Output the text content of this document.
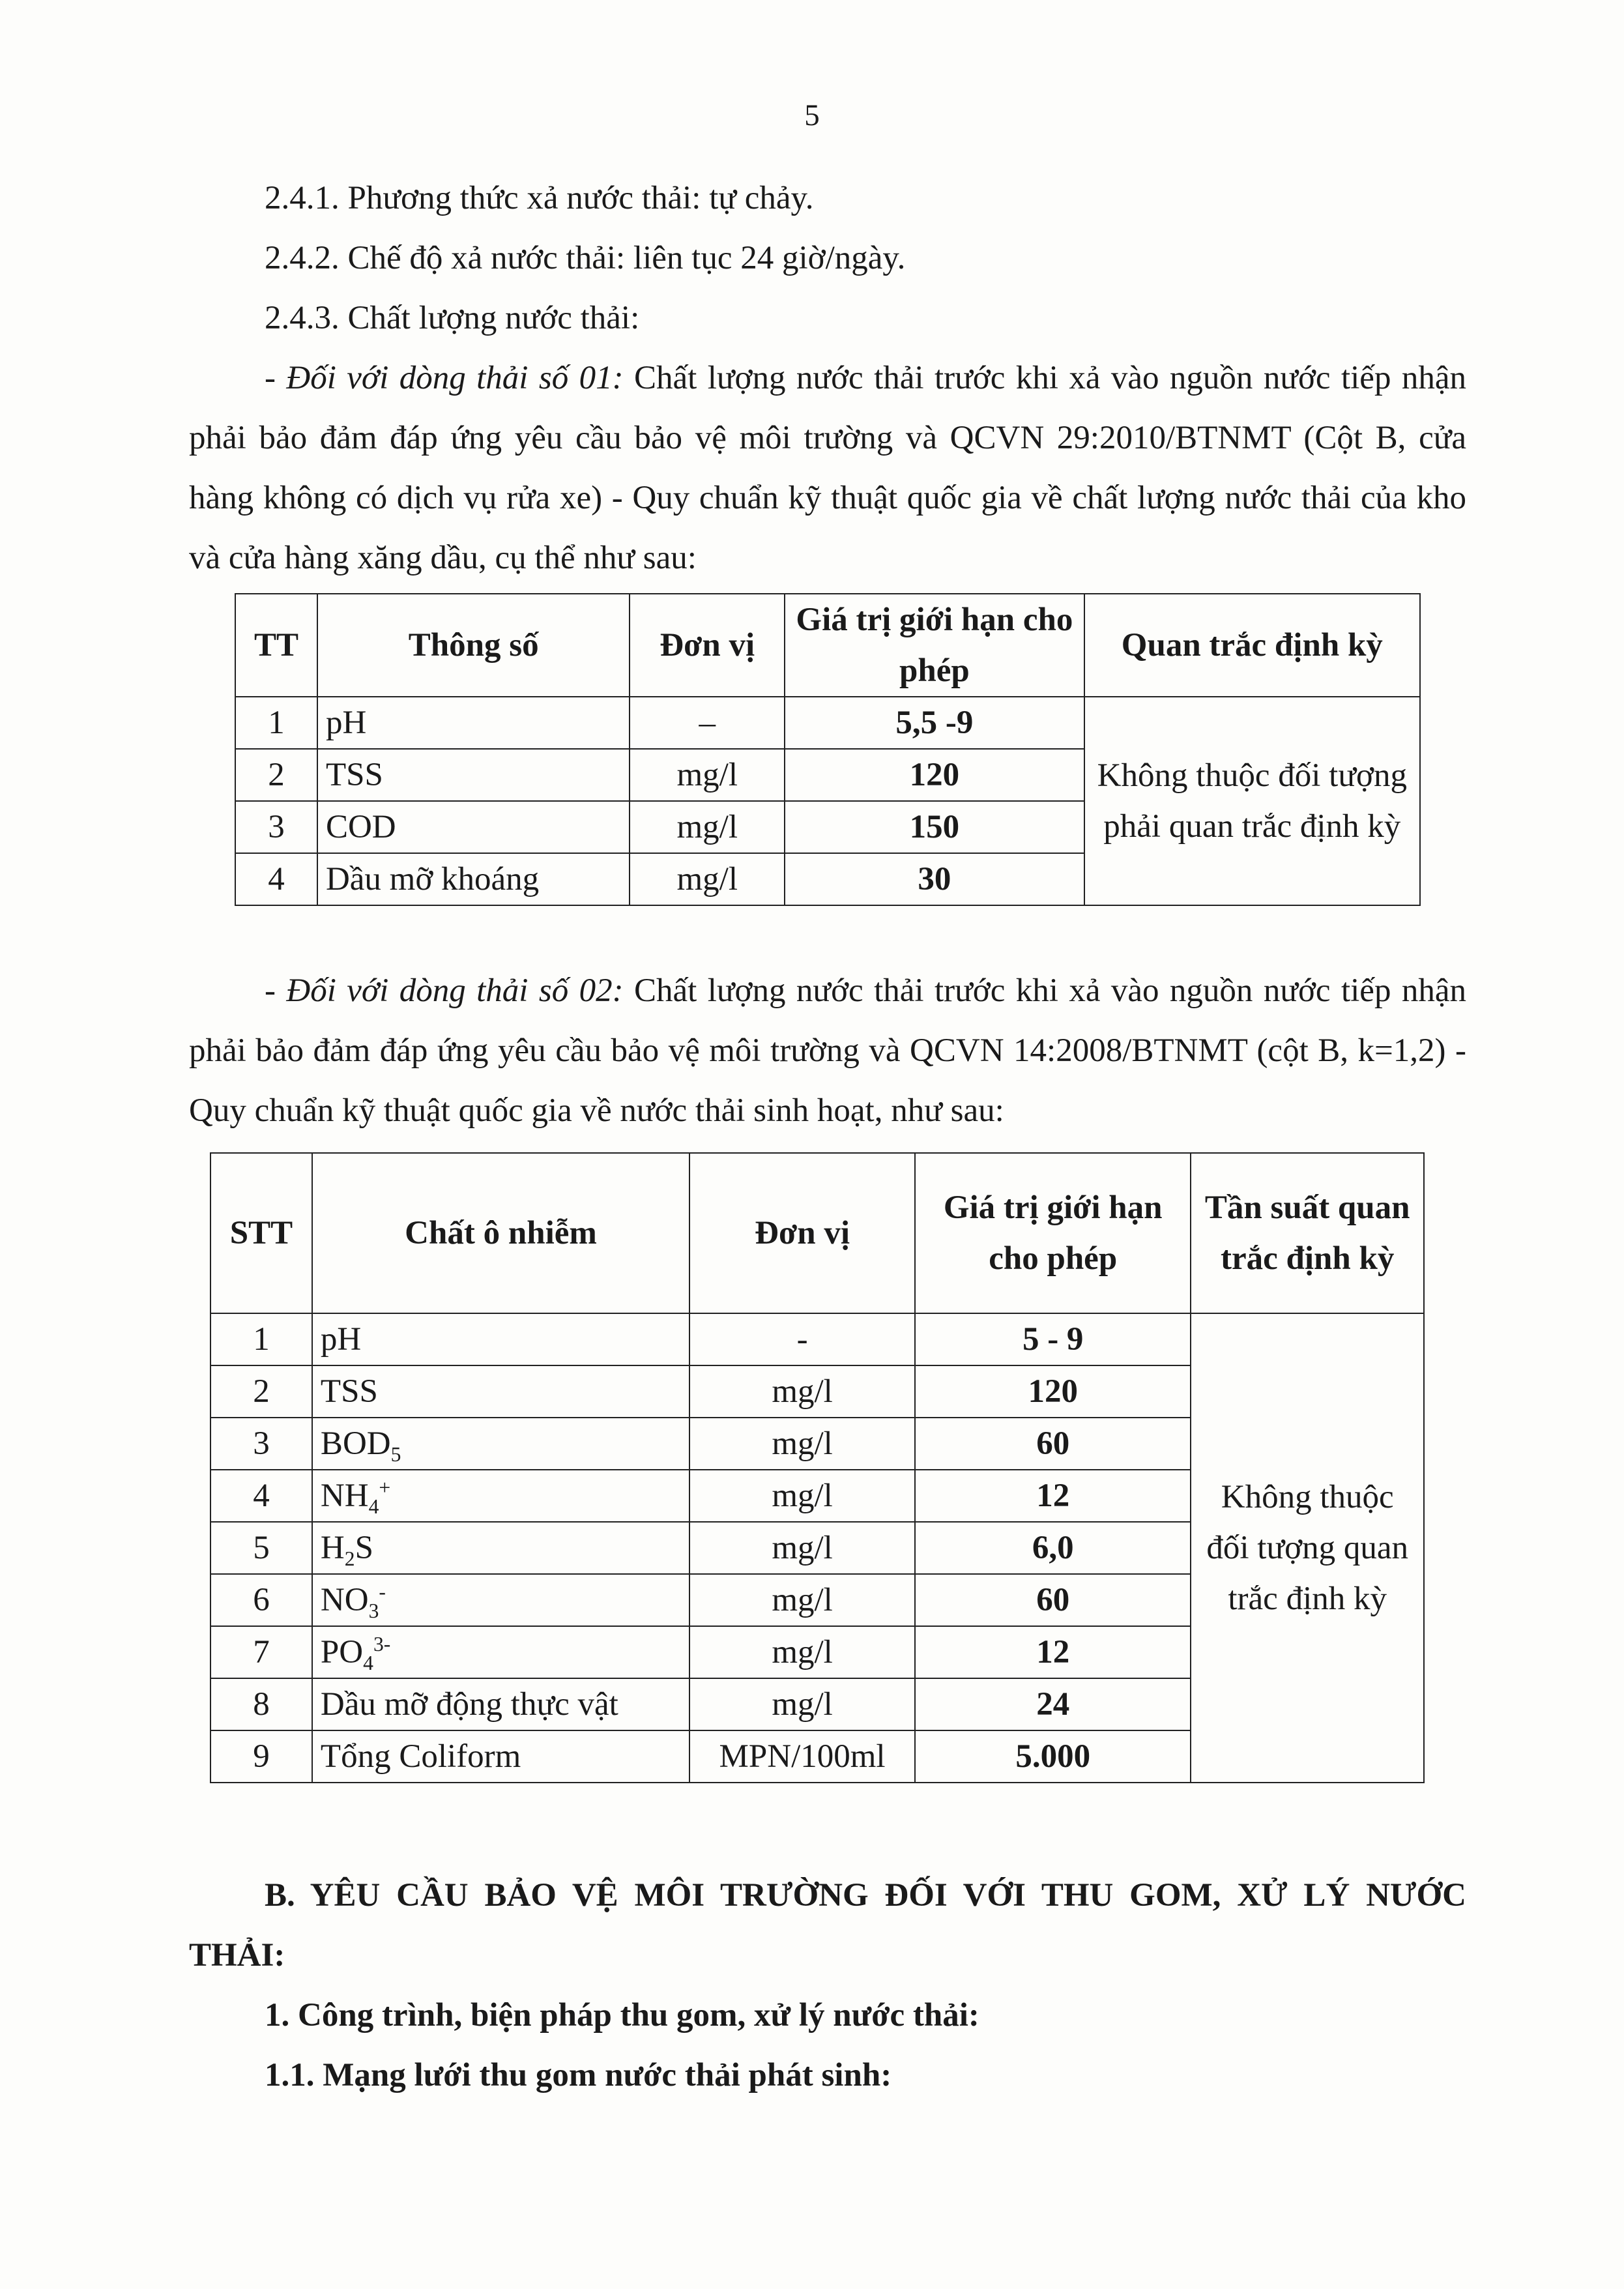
5

2.4.1. Phương thức xả nước thải: tự chảy.

2.4.2. Chế độ xả nước thải: liên tục 24 giờ/ngày.

2.4.3. Chất lượng nước thải:

- Đối với dòng thải số 01: Chất lượng nước thải trước khi xả vào nguồn nước tiếp nhận phải bảo đảm đáp ứng yêu cầu bảo vệ môi trường và QCVN 29:2010/BTNMT (Cột B, cửa hàng không có dịch vụ rửa xe) - Quy chuẩn kỹ thuật quốc gia về chất lượng nước thải của kho và cửa hàng xăng dầu, cụ thể như sau:

TT	Thông số	Đơn vị	Giá trị giới hạn cho phép	Quan trắc định kỳ
1	pH	–	5,5 -9	Không thuộc đối tượng phải quan trắc định kỳ
2	TSS	mg/l	120	
3	COD	mg/l	150	
4	Dầu mỡ khoáng	mg/l	30	

- Đối với dòng thải số 02: Chất lượng nước thải trước khi xả vào nguồn nước tiếp nhận phải bảo đảm đáp ứng yêu cầu bảo vệ môi trường và QCVN 14:2008/BTNMT (cột B, k=1,2) - Quy chuẩn kỹ thuật quốc gia về nước thải sinh hoạt, như sau:

STT	Chất ô nhiễm	Đơn vị	Giá trị giới hạn cho phép	Tần suất quan trắc định kỳ
1	pH	-	5 - 9	Không thuộc đối tượng quan trắc định kỳ
2	TSS	mg/l	120	
3	$BOD_5$	mg/l	60	
4	$NH_4^+$	mg/l	12	
5	$H_2S$	mg/l	6,0	
6	$NO_3^-$	mg/l	60	
7	$PO_4^{3-}$	mg/l	12	
8	Dầu mỡ động thực vật	mg/l	24	
9	Tổng Coliform	MPN/100ml	5.000	

B. YÊU CẦU BẢO VỆ MÔI TRƯỜNG ĐỐI VỚI THU GOM, XỬ LÝ NƯỚC THẢI:

1. Công trình, biện pháp thu gom, xử lý nước thải:

1.1. Mạng lưới thu gom nước thải phát sinh:
